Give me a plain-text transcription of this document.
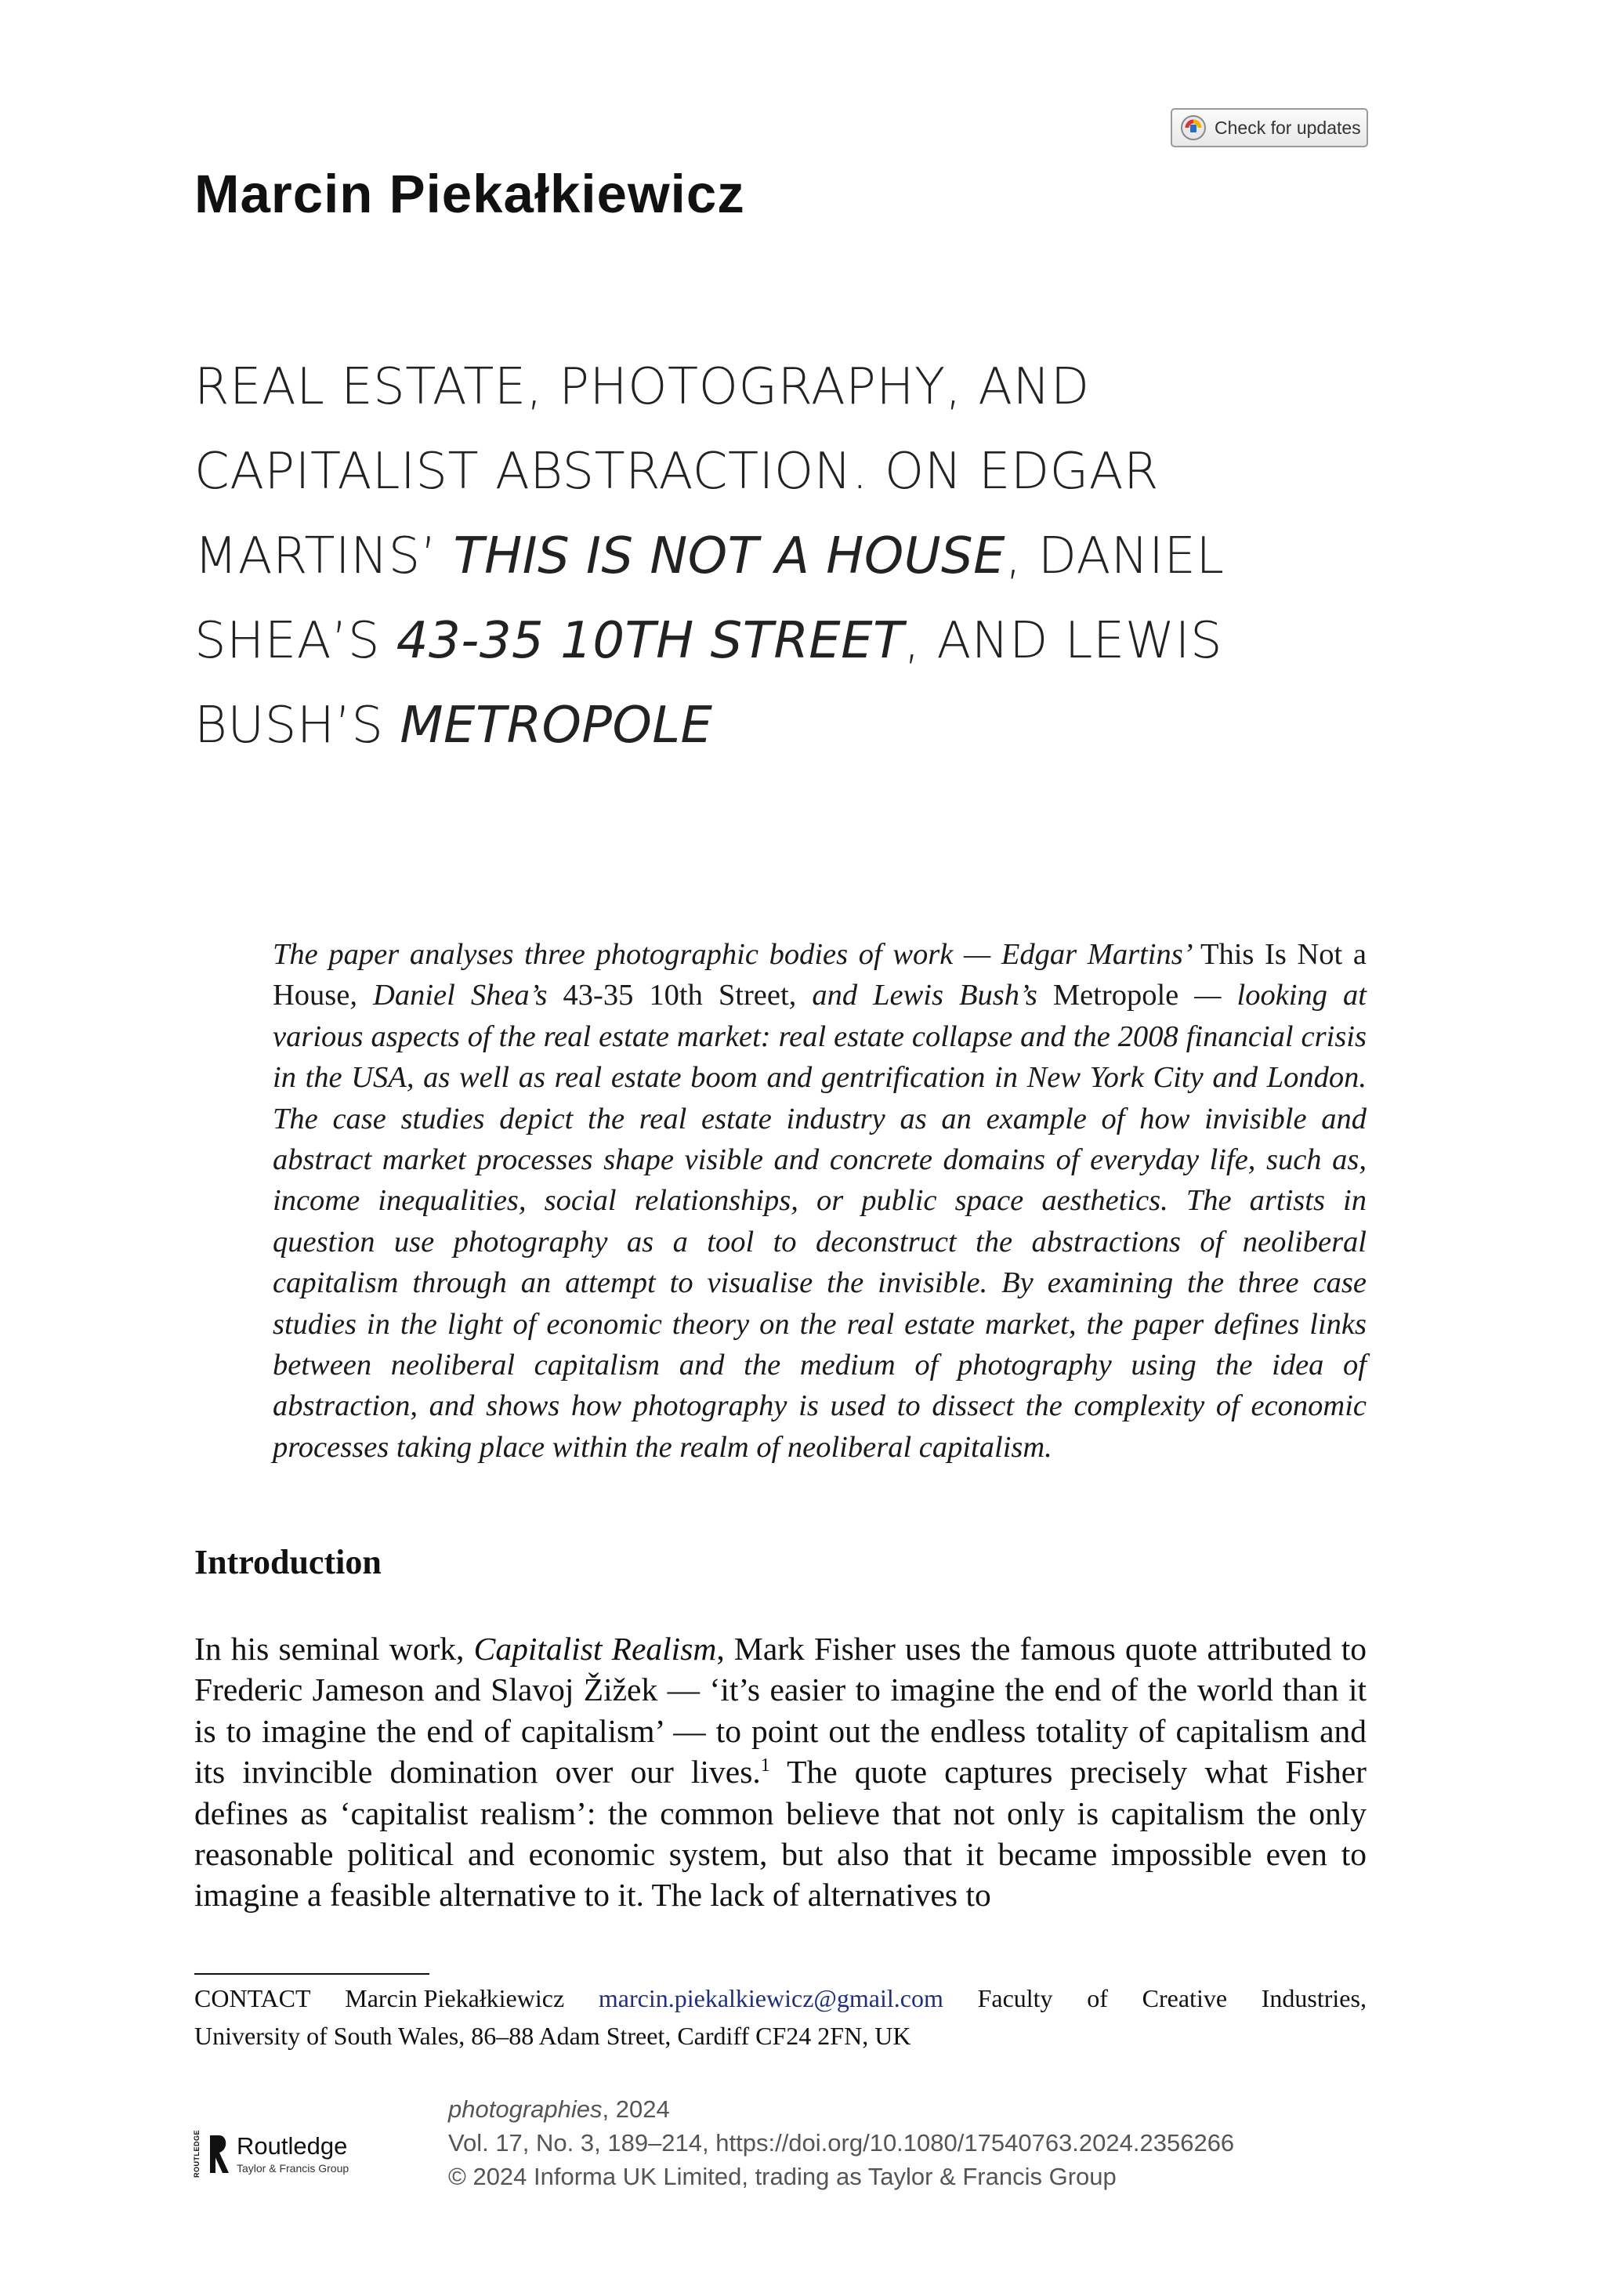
Check for updates
Marcin Piekałkiewicz
REAL ESTATE, PHOTOGRAPHY, AND
CAPITALIST ABSTRACTION. ON EDGAR
MARTINS’ THIS IS NOT A HOUSE, DANIEL
SHEA’S 43-35 10TH STREET, AND LEWIS
BUSH’S METROPOLE
The paper analyses three photographic bodies of work — Edgar Martins’ This Is Not a House, Daniel Shea’s 43-35 10th Street, and Lewis Bush’s Metropole — looking at various aspects of the real estate market: real estate collapse and the 2008 financial crisis in the USA, as well as real estate boom and gentrification in New York City and London. The case studies depict the real estate industry as an example of how invisible and abstract market processes shape visible and concrete domains of everyday life, such as, income inequalities, social relationships, or public space aesthetics. The artists in question use photography as a tool to deconstruct the abstractions of neoliberal capitalism through an attempt to visualise the invisible. By examining the three case studies in the light of economic theory on the real estate market, the paper defines links between neoliberal capitalism and the medium of photography using the idea of abstraction, and shows how photography is used to dissect the complexity of economic processes taking place within the realm of neoliberal capitalism.
Introduction
In his seminal work, Capitalist Realism, Mark Fisher uses the famous quote attributed to Frederic Jameson and Slavoj Žižek — ‘it’s easier to imagine the end of the world than it is to imagine the end of capitalism’ — to point out the endless totality of capitalism and its invincible domination over our lives.$^1$ The quote captures precisely what Fisher defines as ‘capitalist realism’: the common believe that not only is capitalism the only reasonable political and economic system, but also that it became impossible even to imagine a feasible alternative to it. The lack of alternatives to
CONTACT Marcin Piekałkiewicz marcin.piekalkiewicz@gmail.com Faculty of Creative Industries,
University of South Wales, 86–88 Adam Street, Cardiff CF24 2FN, UK
ROUTLEDGE Routledge
Taylor & Francis Group
photographies, 2024
Vol. 17, No. 3, 189–214, https://doi.org/10.1080/17540763.2024.2356266
© 2024 Informa UK Limited, trading as Taylor & Francis Group
